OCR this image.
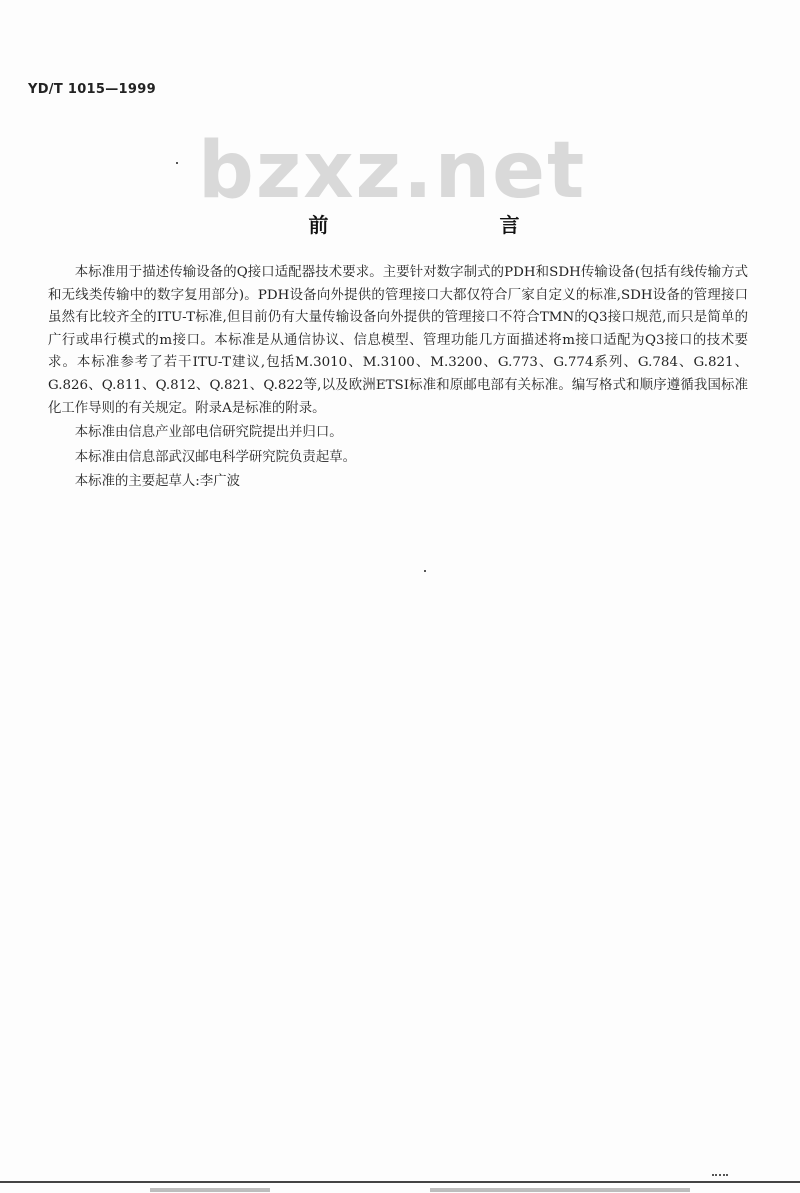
YD/T 1015—1999
bzxz.net
前 言

本标准用于描述传输设备的Q接口适配器技术要求。主要针对数字制式的PDH和SDH传输设备(包括有线传输方式和无线类传输中的数字复用部分)。PDH设备向外提供的管理接口大都仅符合厂家自定义的标准,SDH设备的管理接口虽然有比较齐全的ITU-T标准,但目前仍有大量传输设备向外提供的管理接口不符合TMN的Q3接口规范,而只是简单的广行或串行模式的m接口。本标准是从通信协议、信息模型、管理功能几方面描述将m接口适配为Q3接口的技术要求。本标准参考了若干ITU-T建议,包括M.3010、M.3100、M.3200、G.773、G.774系列、G.784、G.821、G.826、Q.811、Q.812、Q.821、Q.822等,以及欧洲ETSI标准和原邮电部有关标准。编写格式和顺序遵循我国标准化工作导则的有关规定。附录A是标准的附录。

本标准由信息产业部电信研究院提出并归口。

本标准由信息部武汉邮电科学研究院负责起草。

本标准的主要起草人:李广波
